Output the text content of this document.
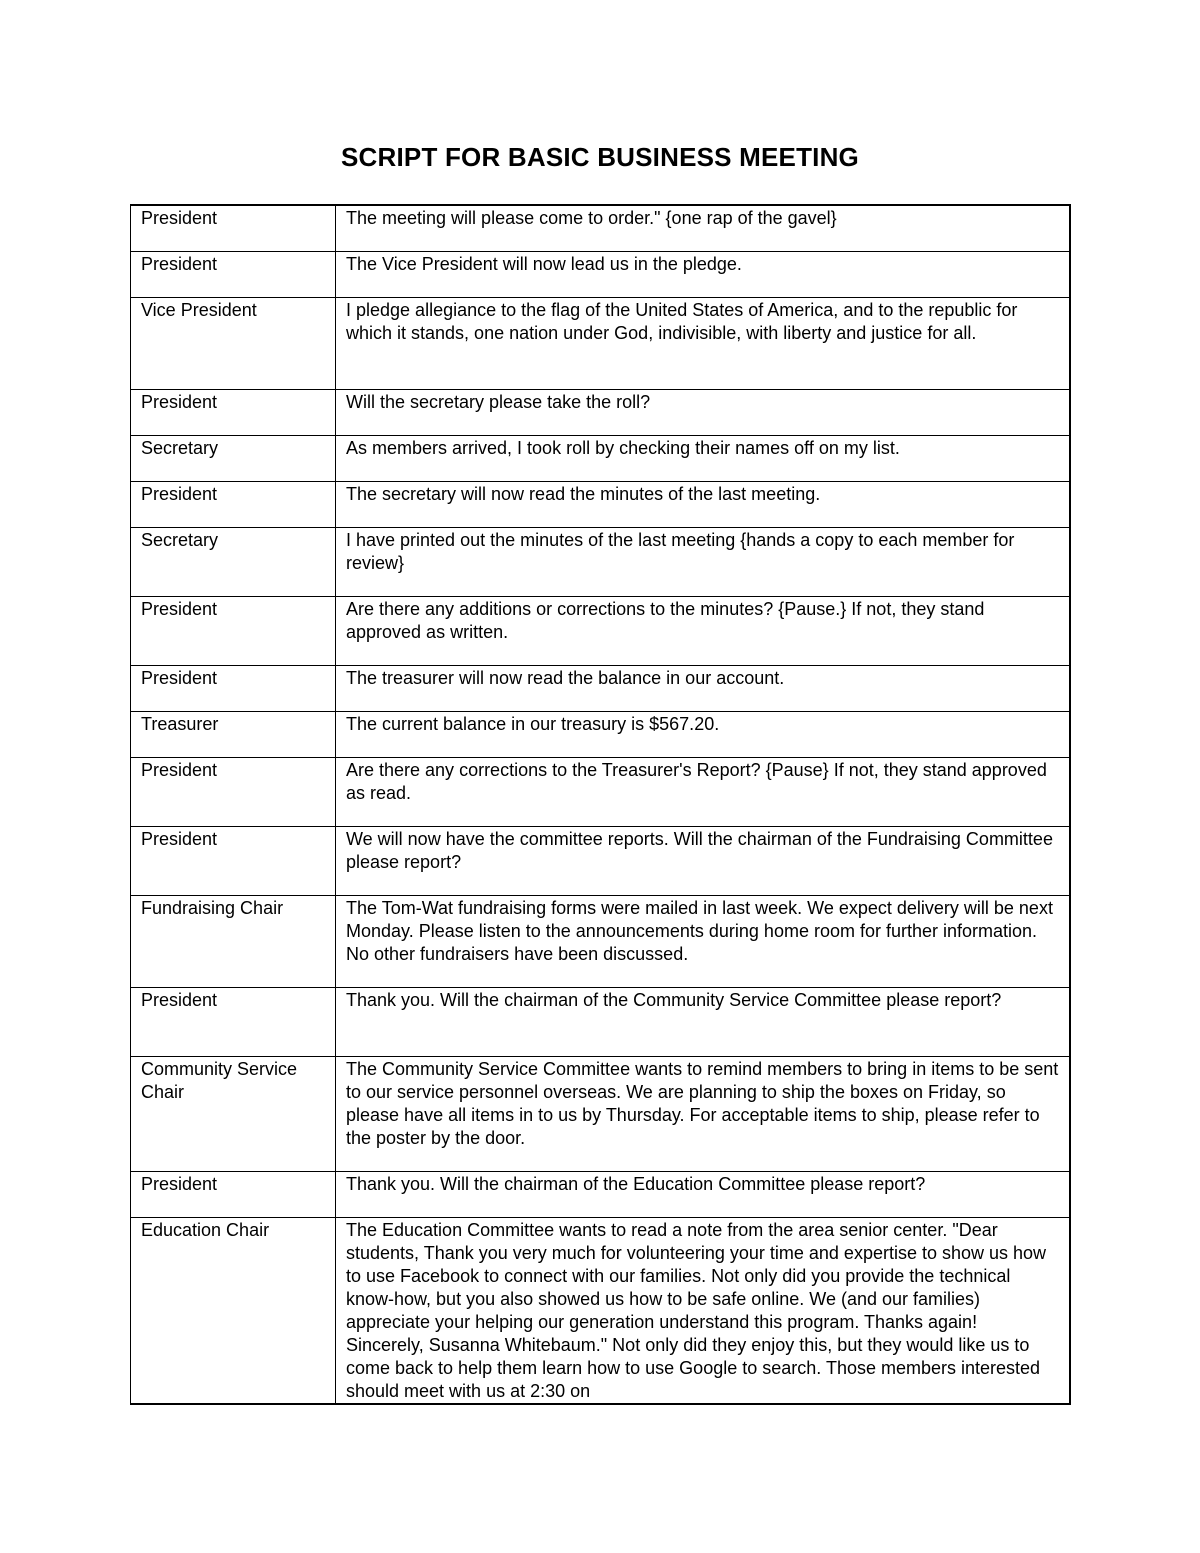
SCRIPT FOR BASIC BUSINESS MEETING
President	The meeting will please come to order." {one rap of the gavel}
President	The Vice President will now lead us in the pledge.
Vice President	I pledge allegiance to the flag of the United States of America, and to the republic for which it stands, one nation under God, indivisible, with liberty and justice for all.
President	Will the secretary please take the roll?
Secretary	As members arrived, I took roll by checking their names off on my list.
President	The secretary will now read the minutes of the last meeting.
Secretary	I have printed out the minutes of the last meeting {hands a copy to each member for review}
President	Are there any additions or corrections to the minutes? {Pause.} If not, they stand approved as written.
President	The treasurer will now read the balance in our account.
Treasurer	The current balance in our treasury is $567.20.
President	Are there any corrections to the Treasurer's Report? {Pause} If not, they stand approved as read.
President	We will now have the committee reports. Will the chairman of the Fundraising Committee please report?
Fundraising Chair	The Tom-Wat fundraising forms were mailed in last week. We expect delivery will be next Monday. Please listen to the announcements during home room for further information. No other fundraisers have been discussed.
President	Thank you. Will the chairman of the Community Service Committee please report?
Community Service Chair	The Community Service Committee wants to remind members to bring in items to be sent to our service personnel overseas. We are planning to ship the boxes on Friday, so please have all items in to us by Thursday. For acceptable items to ship, please refer to the poster by the door.
President	Thank you. Will the chairman of the Education Committee please report?
Education Chair	The Education Committee wants to read a note from the area senior center. "Dear students, Thank you very much for volunteering your time and expertise to show us how to use Facebook to connect with our families. Not only did you provide the technical know-how, but you also showed us how to be safe online. We (and our families) appreciate your helping our generation understand this program. Thanks again! Sincerely, Susanna Whitebaum." Not only did they enjoy this, but they would like us to come back to help them learn how to use Google to search. Those members interested should meet with us at 2:30 on
